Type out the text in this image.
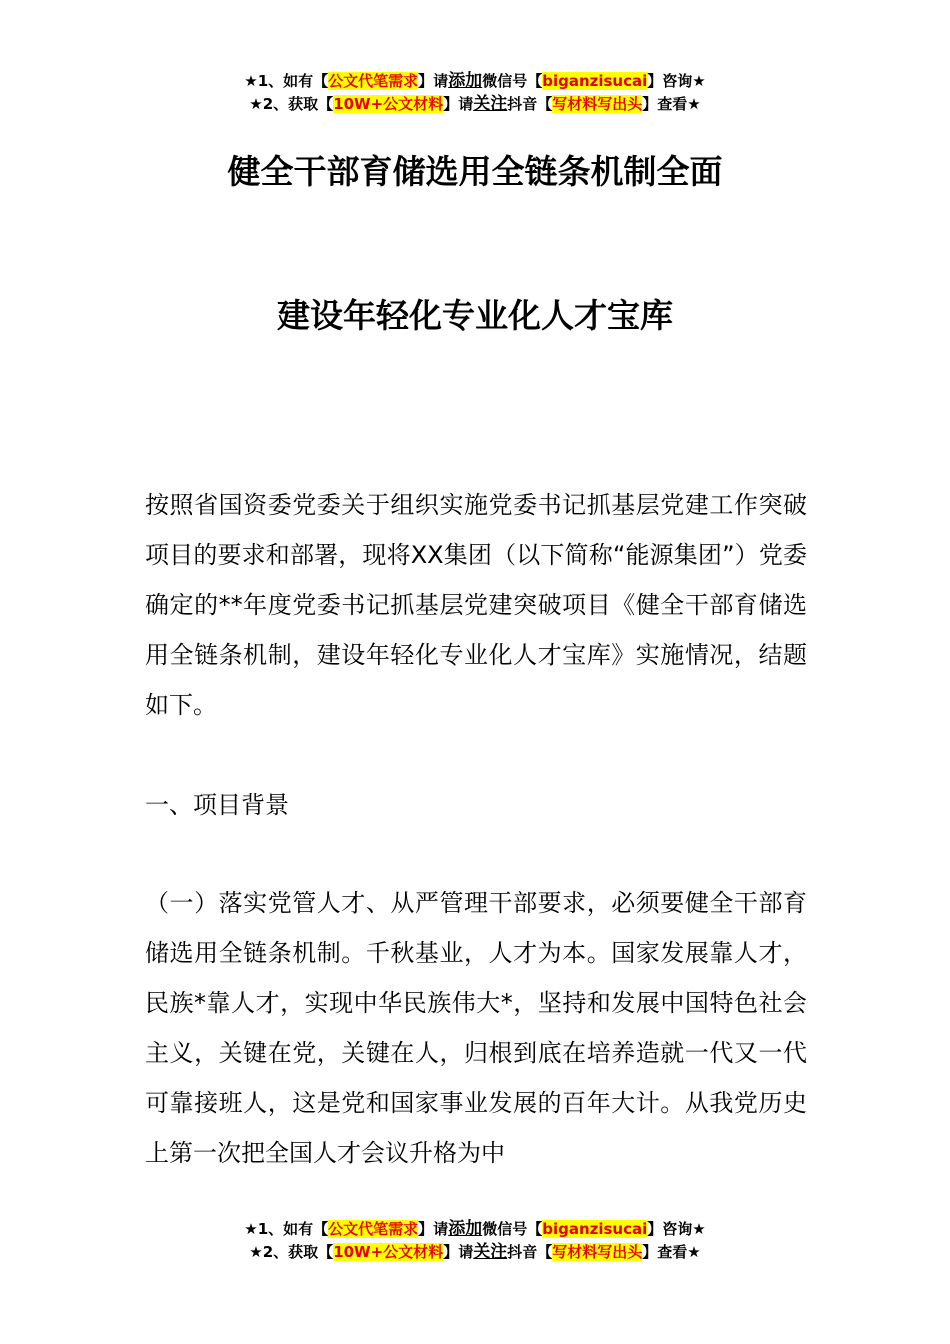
★1、如有【公文代笔需求】请添加微信号【biganzisucai】咨询★
★2、获取【10W+公文材料】请关注抖音【写材料写出头】查看★
健全干部育储选用全链条机制全面
建设年轻化专业化人才宝库
按照省国资委党委关于组织实施党委书记抓基层党建工作突破项目的要求和部署，现将XX集团（以下简称“能源集团”）党委确定的**年度党委书记抓基层党建突破项目《健全干部育储选用全链条机制，建设年轻化专业化人才宝库》实施情况，结题如下。
一、项目背景
（一）落实党管人才、从严管理干部要求，必须要健全干部育储选用全链条机制。千秋基业，人才为本。国家发展靠人才，民族*靠人才，实现中华民族伟大*，坚持和发展中国特色社会主义，关键在党，关键在人，归根到底在培养造就一代又一代可靠接班人，这是党和国家事业发展的百年大计。从我党历史上第一次把全国人才会议升格为中
★1、如有【公文代笔需求】请添加微信号【biganzisucai】咨询★
★2、获取【10W+公文材料】请关注抖音【写材料写出头】查看★
